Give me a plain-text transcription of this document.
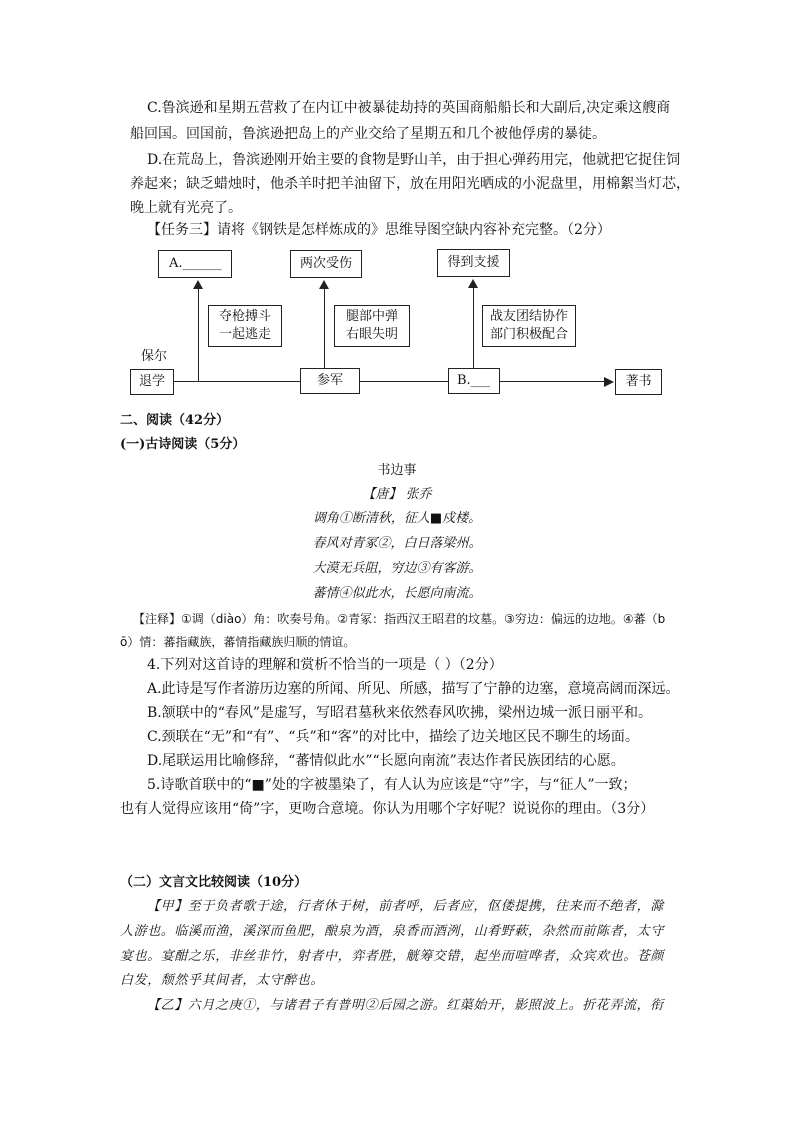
C.鲁滨逊和星期五营救了在内讧中被暴徒劫持的英国商船船长和大副后,决定乘这艘商
船回国。回国前，鲁滨逊把岛上的产业交给了星期五和几个被他俘虏的暴徒。
D.在荒岛上，鲁滨逊刚开始主要的食物是野山羊，由于担心弹药用完，他就把它捉住饲
养起来；缺乏蜡烛时，他杀羊时把羊油留下，放在用阳光晒成的小泥盘里，用棉絮当灯芯，
晚上就有光亮了。
【任务三】请将《钢铁是怎样炼成的》思维导图空缺内容补充完整。（2分）
A.______	两次受伤	得到支援
夺枪搏斗
一起逃走
腿部中弹
右眼失明
战友团结协作
部门积极配合
保尔
退学	参军	B.___	著书
二、阅读（42分）
(一)古诗阅读（5分）
书边事
【唐】 张乔
调角①断清秋，征人■戍楼。
春风对青冢②，白日落梁州。
大漠无兵阻，穷边③有客游。
蕃情④似此水，长愿向南流。
【注释】①调（diào）角：吹奏号角。②青冢：指西汉王昭君的坟墓。③穷边：偏远的边地。④蕃（b
ō）情：蕃指藏族，蕃情指藏族归顺的情谊。
4.下列对这首诗的理解和赏析不恰当的一项是（ ）（2分）
A.此诗是写作者游历边塞的所闻、所见、所感，描写了宁静的边塞，意境高阔而深远。
B.颔联中的“春风”是虚写，写昭君墓秋来依然春风吹拂，梁州边城一派日丽平和。
C.颈联在“无”和“有”、“兵”和“客”的对比中，描绘了边关地区民不聊生的场面。
D.尾联运用比喻修辞，“蕃情似此水”“长愿向南流”表达作者民族团结的心愿。
5.诗歌首联中的“■”处的字被墨染了，有人认为应该是“守”字，与“征人”一致；
也有人觉得应该用“倚”字，更吻合意境。你认为用哪个字好呢？说说你的理由。（3分）
（二）文言文比较阅读（10分）
【甲】至于负者歌于途，行者休于树，前者呼，后者应，伛偻提携，往来而不绝者，滁
人游也。临溪而渔，溪深而鱼肥，酿泉为酒，泉香而酒洌，山肴野蔌，杂然而前陈者，太守
宴也。宴酣之乐，非丝非竹，射者中，弈者胜，觥筹交错，起坐而喧哗者，众宾欢也。苍颜
白发，颓然乎其间者，太守醉也。
【乙】六月之庚①，与诸君子有普明②后园之游。红蕖始开，影照波上。折花弄流，衔
